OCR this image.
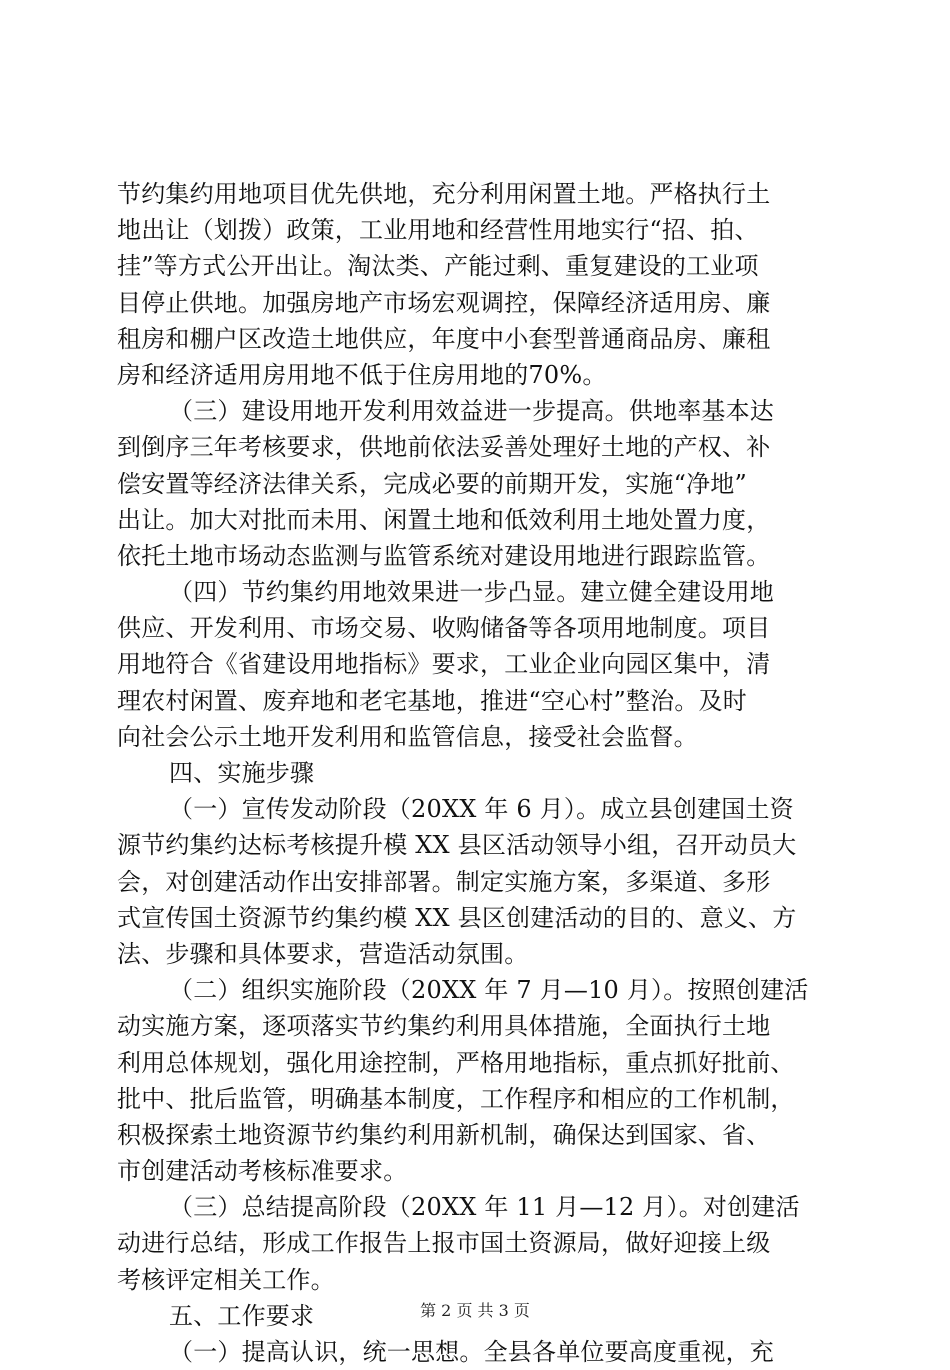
节约集约用地项目优先供地，充分利用闲置土地。严格执行土
地出让（划拨）政策，工业用地和经营性用地实行“招、拍、
挂”等方式公开出让。淘汰类、产能过剩、重复建设的工业项
目停止供地。加强房地产市场宏观调控，保障经济适用房、廉
租房和棚户区改造土地供应，年度中小套型普通商品房、廉租
房和经济适用房用地不低于住房用地的70%。
（三）建设用地开发利用效益进一步提高。供地率基本达
到倒序三年考核要求，供地前依法妥善处理好土地的产权、补
偿安置等经济法律关系，完成必要的前期开发，实施“净地”
出让。加大对批而未用、闲置土地和低效利用土地处置力度，
依托土地市场动态监测与监管系统对建设用地进行跟踪监管。
（四）节约集约用地效果进一步凸显。建立健全建设用地
供应、开发利用、市场交易、收购储备等各项用地制度。项目
用地符合《省建设用地指标》要求，工业企业向园区集中，清
理农村闲置、废弃地和老宅基地，推进“空心村”整治。及时
向社会公示土地开发利用和监管信息，接受社会监督。
四、实施步骤
（一）宣传发动阶段（20XX 年 6 月）。成立县创建国土资
源节约集约达标考核提升模 XX 县区活动领导小组，召开动员大
会，对创建活动作出安排部署。制定实施方案，多渠道、多形
式宣传国土资源节约集约模 XX 县区创建活动的目的、意义、方
法、步骤和具体要求，营造活动氛围。
（二）组织实施阶段（20XX 年 7 月—10 月）。按照创建活
动实施方案，逐项落实节约集约利用具体措施，全面执行土地
利用总体规划，强化用途控制，严格用地指标，重点抓好批前、
批中、批后监管，明确基本制度，工作程序和相应的工作机制，
积极探索土地资源节约集约利用新机制，确保达到国家、省、
市创建活动考核标准要求。
（三）总结提高阶段（20XX 年 11 月—12 月）。对创建活
动进行总结，形成工作报告上报市国土资源局，做好迎接上级
考核评定相关工作。
五、工作要求
（一）提高认识，统一思想。全县各单位要高度重视，充
第 2 页 共 3 页
